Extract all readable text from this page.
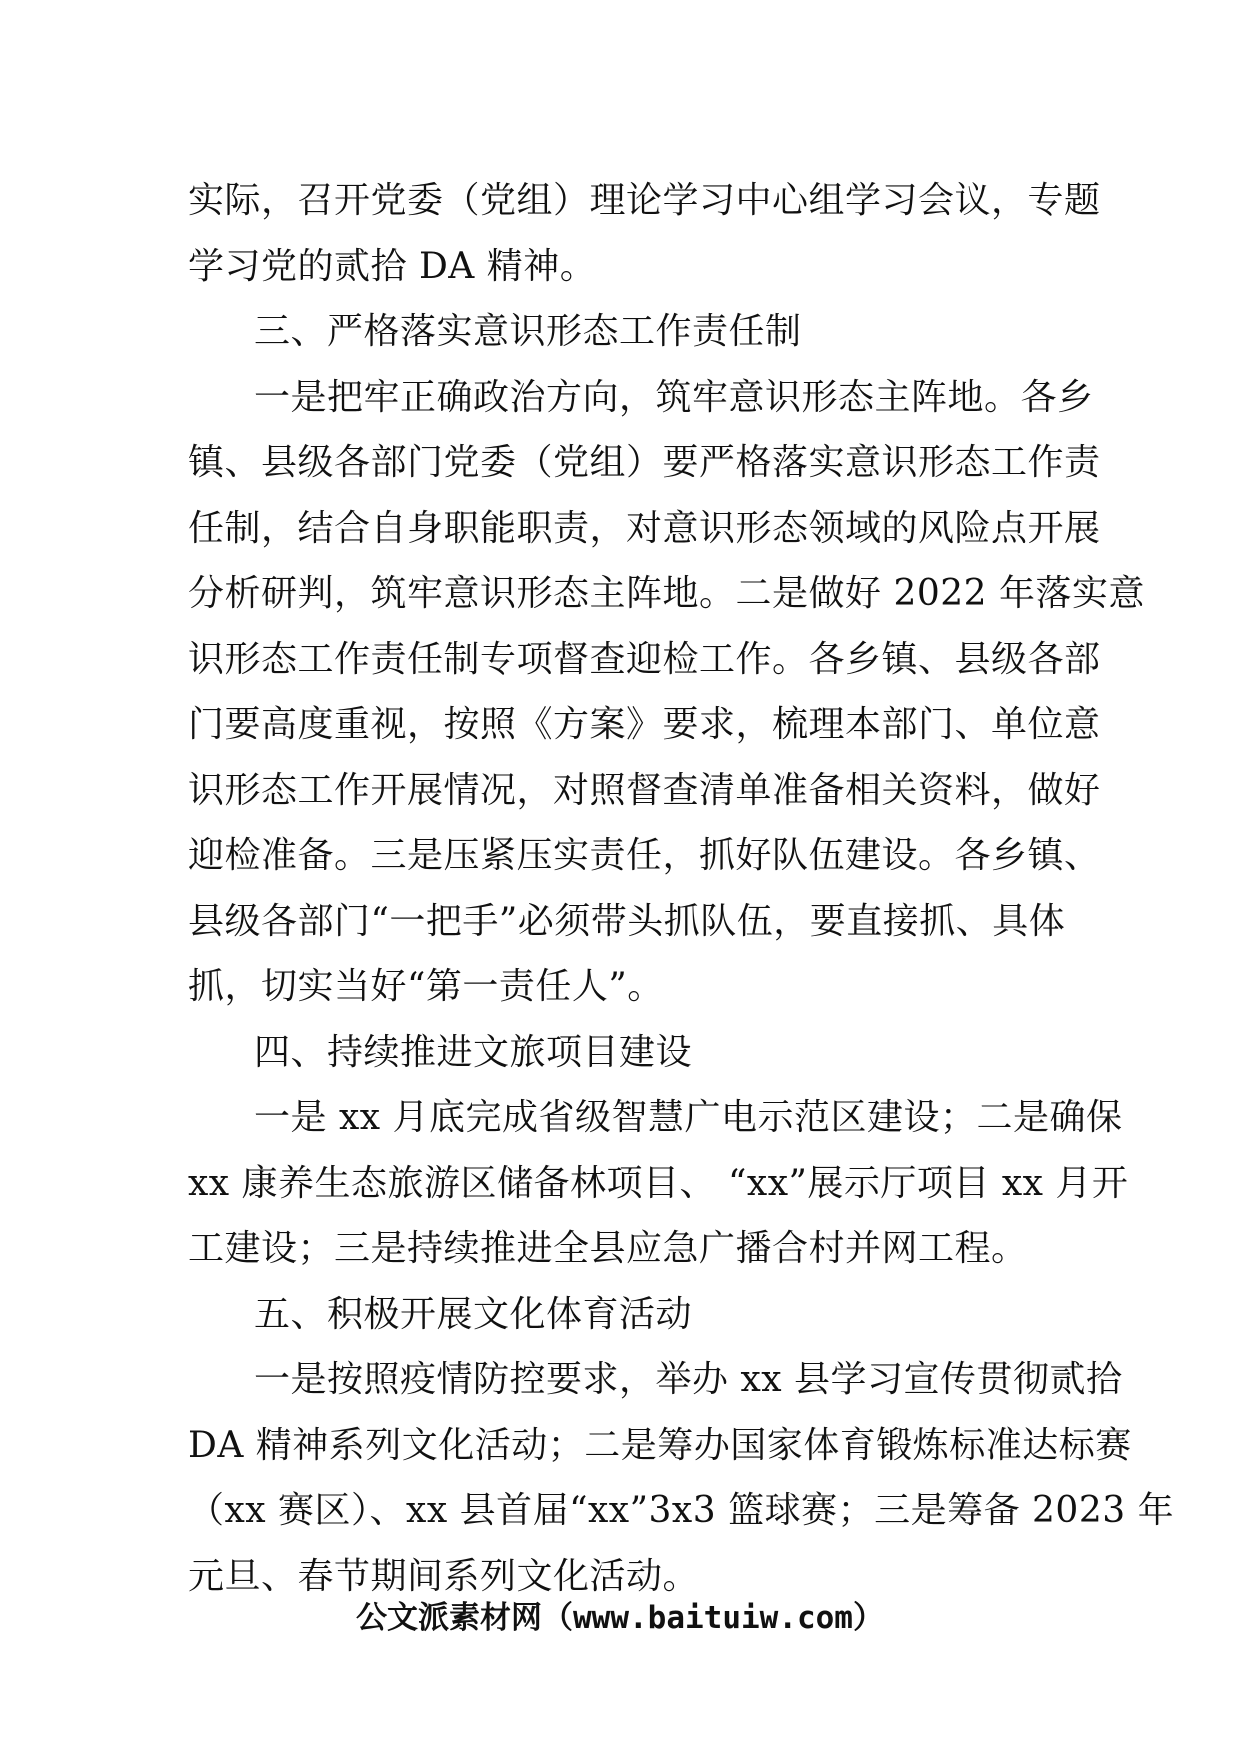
实际，召开党委（党组）理论学习中心组学习会议，专题
学习党的贰拾 DA 精神。
三、严格落实意识形态工作责任制
一是把牢正确政治方向，筑牢意识形态主阵地。各乡
镇、县级各部门党委（党组）要严格落实意识形态工作责
任制，结合自身职能职责，对意识形态领域的风险点开展
分析研判，筑牢意识形态主阵地。二是做好 2022 年落实意
识形态工作责任制专项督查迎检工作。各乡镇、县级各部
门要高度重视，按照《方案》要求，梳理本部门、单位意
识形态工作开展情况，对照督查清单准备相关资料，做好
迎检准备。三是压紧压实责任，抓好队伍建设。各乡镇、
县级各部门“一把手”必须带头抓队伍，要直接抓、具体
抓，切实当好“第一责任人”。
四、持续推进文旅项目建设
一是 xx 月底完成省级智慧广电示范区建设；二是确保
xx 康养生态旅游区储备林项目、 “xx”展示厅项目 xx 月开
工建设；三是持续推进全县应急广播合村并网工程。
五、积极开展文化体育活动
一是按照疫情防控要求，举办 xx 县学习宣传贯彻贰拾
DA 精神系列文化活动；二是筹办国家体育锻炼标准达标赛
（xx 赛区）、xx 县首届“xx”3x3 篮球赛；三是筹备 2023 年
元旦、春节期间系列文化活动。
公文派素材网（www.baituiw.com）
